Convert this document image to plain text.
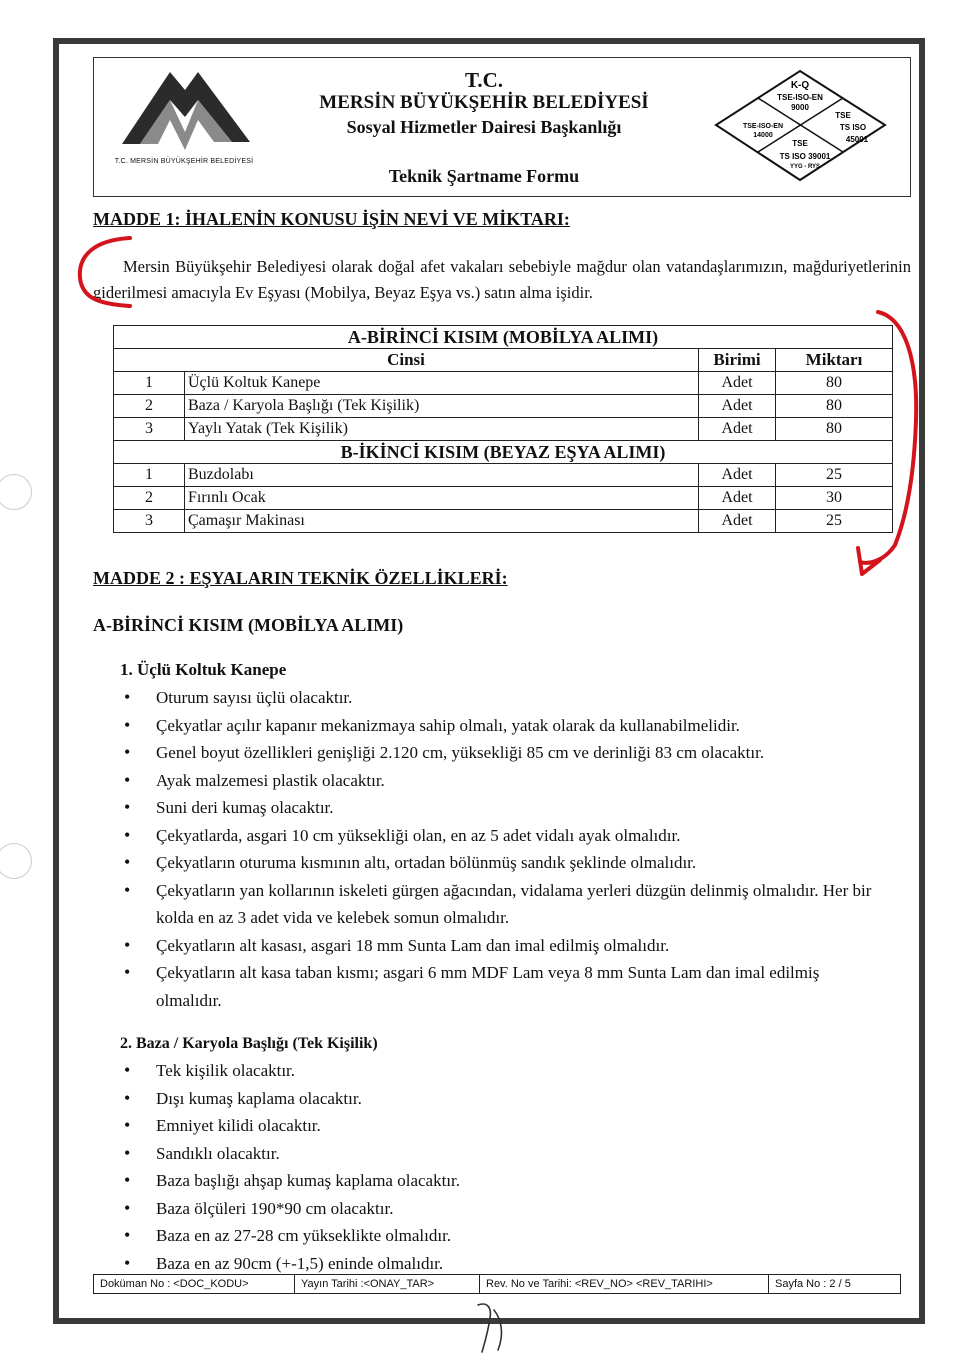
T.C. MERSİN BÜYÜKŞEHİR BELEDİYESİ
T.C.
MERSİN BÜYÜKŞEHİR BELEDİYESİ
Sosyal Hizmetler Dairesi Başkanlığı
Teknik Şartname Formu
K-Q
TSE-ISO-EN
9000
TSE-ISO-EN
14000
TSE
TS ISO
45001
TSE
TS ISO 39001
YYG - RYS
MADDE 1: İHALENİN KONUSU İŞİN NEVİ VE MİKTARI:
Mersin Büyükşehir Belediyesi olarak doğal afet vakaları sebebiyle mağdur olan vatandaşlarımızın, mağduriyetlerinin giderilmesi amacıyla Ev Eşyası (Mobilya, Beyaz Eşya vs.) satın alma işidir.
A-BİRİNCİ KISIM (MOBİLYA ALIMI)			
Cinsi		Birimi	Miktarı
1	Üçlü Koltuk Kanepe	Adet	80
2	Baza / Karyola Başlığı (Tek Kişilik)	Adet	80
3	Yaylı Yatak (Tek Kişilik)	Adet	80
B-İKİNCİ KISIM (BEYAZ EŞYA ALIMI)			
1	Buzdolabı	Adet	25
2	Fırınlı Ocak	Adet	30
3	Çamaşır Makinası	Adet	25
MADDE 2 : EŞYALARIN TEKNİK ÖZELLİKLERİ:
A-BİRİNCİ KISIM (MOBİLYA ALIMI)
1. Üçlü Koltuk Kanepe
• Oturum sayısı üçlü olacaktır.
• Çekyatlar açılır kapanır mekanizmaya sahip olmalı, yatak olarak da kullanabilmelidir.
• Genel boyut özellikleri genişliği 2.120 cm, yüksekliği 85 cm ve derinliği 83 cm olacaktır.
• Ayak malzemesi plastik olacaktır.
• Suni deri kumaş olacaktır.
• Çekyatlarda, asgari 10 cm yüksekliği olan, en az 5 adet vidalı ayak olmalıdır.
• Çekyatların oturuma kısmının altı, ortadan bölünmüş sandık şeklinde olmalıdır.
• Çekyatların yan kollarının iskeleti gürgen ağacından, vidalama yerleri düzgün delinmiş olmalıdır. Her bir kolda en az 3 adet vida ve kelebek somun olmalıdır.
• Çekyatların alt kasası, asgari 18 mm Sunta Lam dan imal edilmiş olmalıdır.
• Çekyatların alt kasa taban kısmı; asgari 6 mm MDF Lam veya 8 mm Sunta Lam dan imal edilmiş olmalıdır.
2. Baza / Karyola Başlığı (Tek Kişilik)
• Tek kişilik olacaktır.
• Dışı kumaş kaplama olacaktır.
• Emniyet kilidi olacaktır.
• Sandıklı olacaktır.
• Baza başlığı ahşap kumaş kaplama olacaktır.
• Baza ölçüleri 190*90 cm olacaktır.
• Baza en az 27-28 cm yükseklikte olmalıdır.
• Baza en az 90cm (+-1,5) eninde olmalıdır.
Doküman No : <DOC_KODU>	Yayın Tarihi :<ONAY_TAR>	Rev. No ve Tarihi: <REV_NO> <REV_TARIHI>	Sayfa No : 2 / 5
